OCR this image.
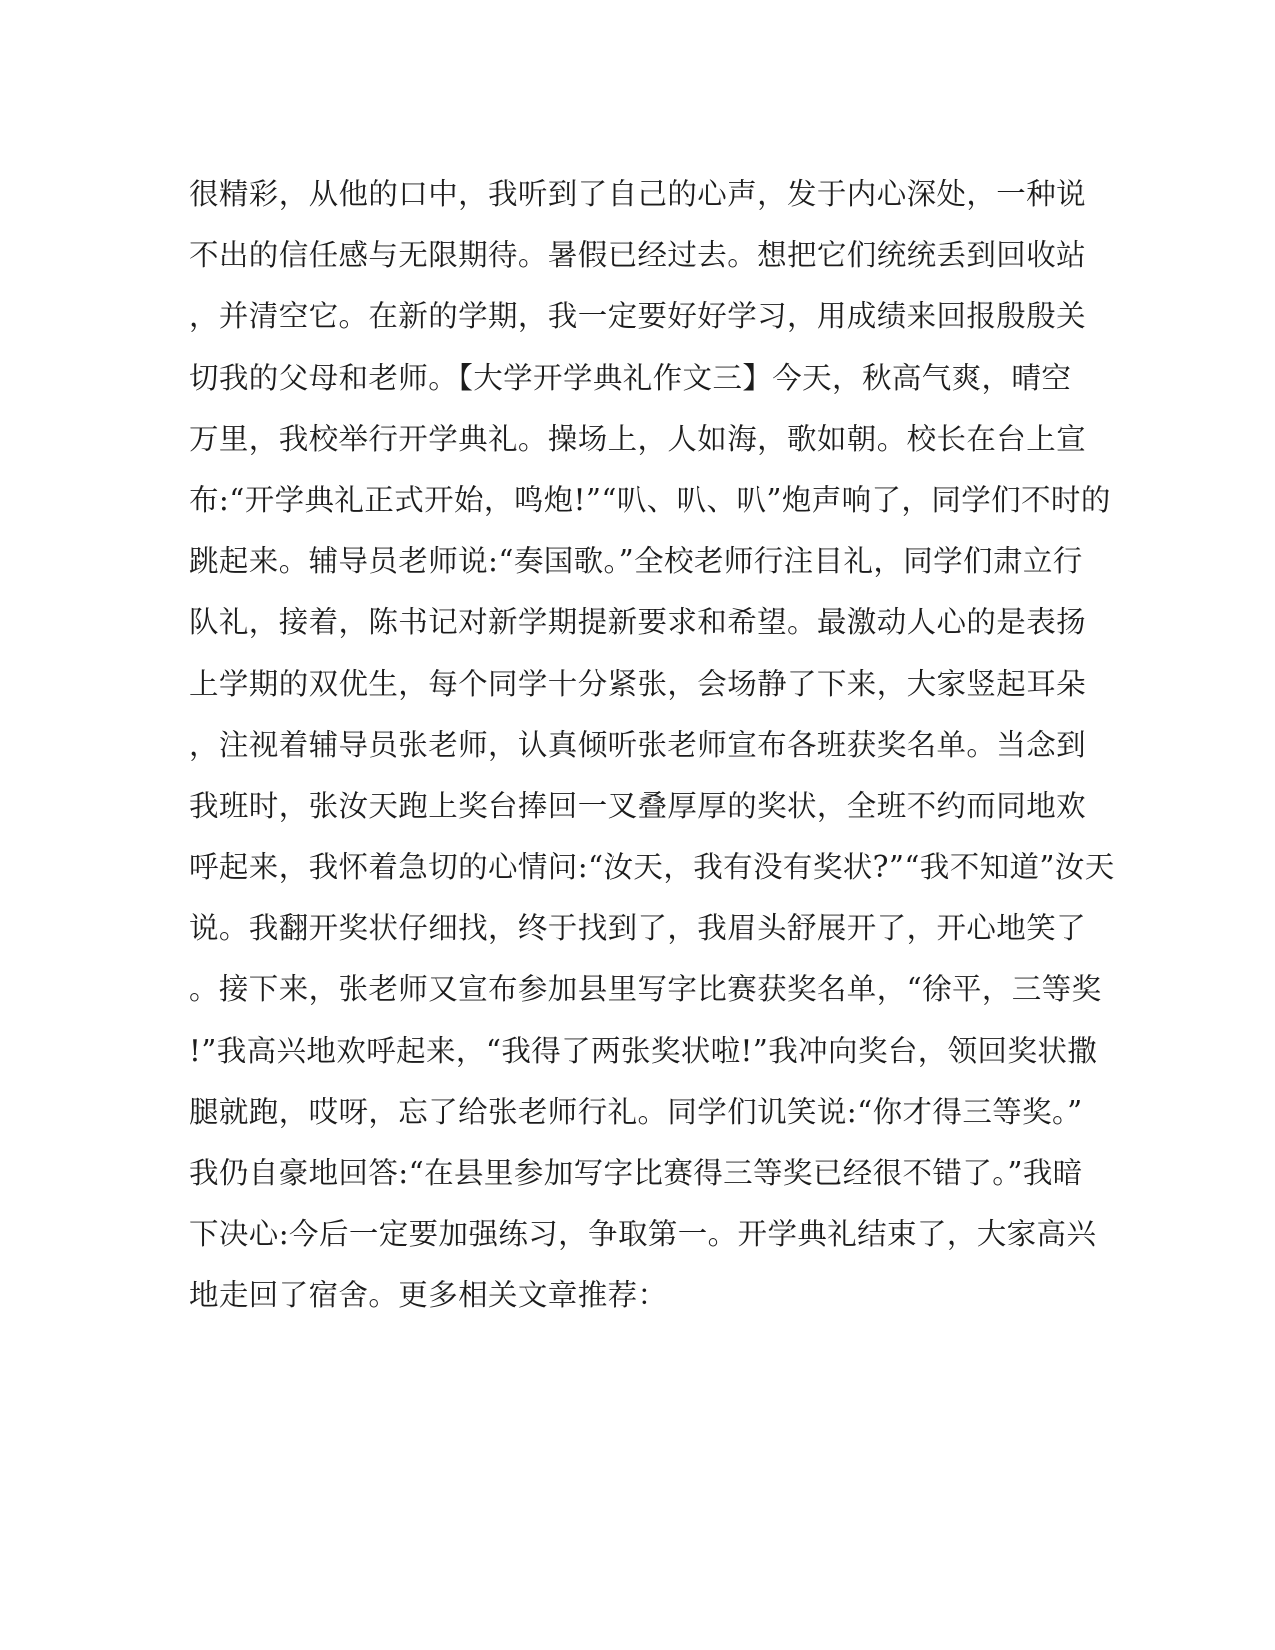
很精彩，从他的口中，我听到了自己的心声，发于内心深处，一种说
不出的信任感与无限期待。暑假已经过去。想把它们统统丢到回收站
，并清空它。在新的学期，我一定要好好学习，用成绩来回报殷殷关
切我的父母和老师。【大学开学典礼作文三】今天，秋高气爽，晴空
万里，我校举行开学典礼。操场上，人如海，歌如朝。校长在台上宣
布:“开学典礼正式开始，鸣炮!”“叭、叭、叭”炮声响了，同学们不时的
跳起来。辅导员老师说:“奏国歌。”全校老师行注目礼，同学们肃立行
队礼，接着，陈书记对新学期提新要求和希望。最激动人心的是表扬
上学期的双优生，每个同学十分紧张，会场静了下来，大家竖起耳朵
，注视着辅导员张老师，认真倾听张老师宣布各班获奖名单。当念到
我班时，张汝天跑上奖台捧回一叉叠厚厚的奖状，全班不约而同地欢
呼起来，我怀着急切的心情问:“汝天，我有没有奖状?”“我不知道”汝天
说。我翻开奖状仔细找，终于找到了，我眉头舒展开了，开心地笑了
。接下来，张老师又宣布参加县里写字比赛获奖名单，“徐平，三等奖
!”我高兴地欢呼起来，“我得了两张奖状啦!”我冲向奖台，领回奖状撒
腿就跑，哎呀，忘了给张老师行礼。同学们讥笑说:“你才得三等奖。”
我仍自豪地回答:“在县里参加写字比赛得三等奖已经很不错了。”我暗
下决心:今后一定要加强练习，争取第一。开学典礼结束了，大家高兴
地走回了宿舍。更多相关文章推荐：
